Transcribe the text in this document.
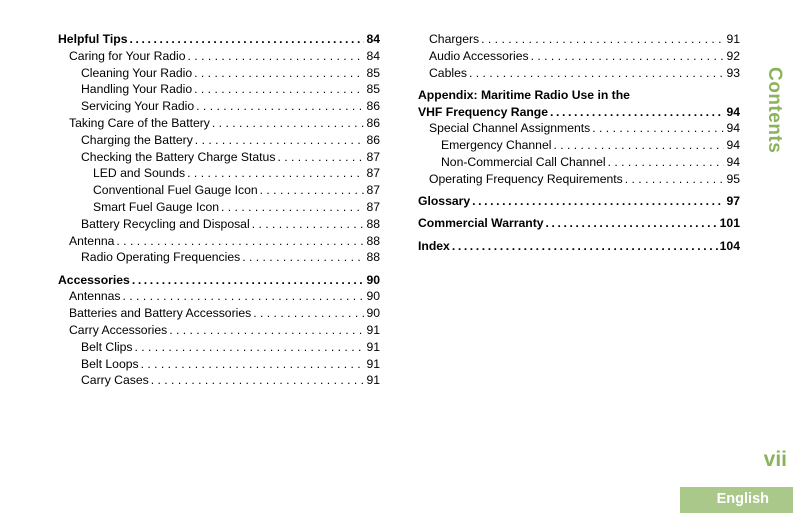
Helpful Tips .....	84
Caring for Your Radio . . .	84
Cleaning Your Radio . . .	85
Handling Your Radio . . .	85
Servicing Your Radio . . .	86
Taking Care of the Battery . . .	86
Charging the Battery . . .	86
Checking the Battery Charge Status . . .	87
LED and Sounds . . .	87
Conventional Fuel Gauge Icon . . .	87
Smart Fuel Gauge Icon . . .	87
Battery Recycling and Disposal . . .	88
Antenna . . .	88
Radio Operating Frequencies . . .	88
Accessories .....	90
Antennas . . .	90
Batteries and Battery Accessories . . .	90
Carry Accessories . . .	91
Belt Clips . . .	91
Belt Loops . . .	91
Carry Cases . . .	91
Chargers . . .	91
Audio Accessories . . .	92
Cables . . .	93
Appendix: Maritime Radio Use in the
VHF Frequency Range .....	94
Special Channel Assignments . . .	94
Emergency Channel . . .	94
Non-Commercial Call Channel . . .	94
Operating Frequency Requirements . . .	95
Glossary .....	97
Commercial Warranty .....	101
Index .....	104
Contents
vii
English
